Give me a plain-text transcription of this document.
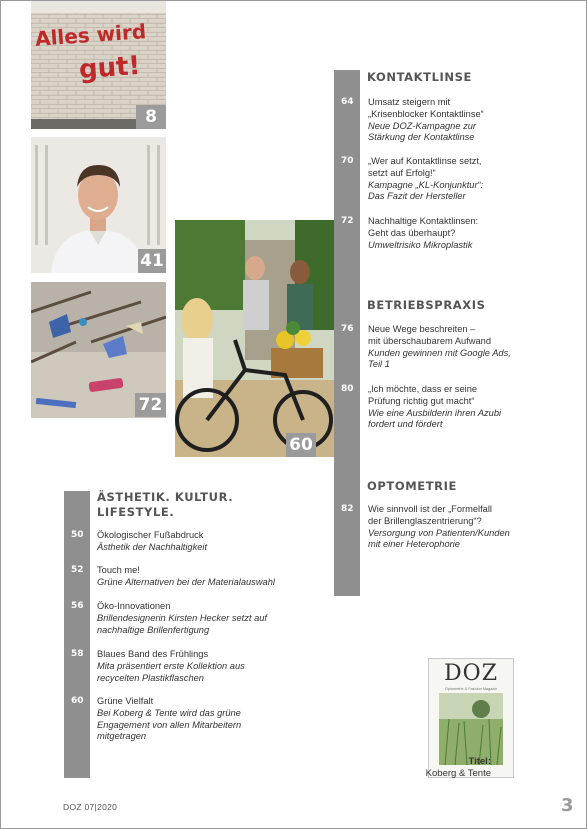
Alles wird
gut!
8
41
72
60
KONTAKTLINSE
64 Umsatz steigern mit
„Krisenblocker Kontaktlinse“
Neue DOZ-Kampagne zur
Stärkung der Kontaktlinse
70 „Wer auf Kontaktlinse setzt,
setzt auf Erfolg!“
Kampagne „KL-Konjunktur“:
Das Fazit der Hersteller
72 Nachhaltige Kontaktlinsen:
Geht das überhaupt?
Umweltrisiko Mikroplastik
BETRIEBSPRAXIS
76 Neue Wege beschreiten –
mit überschaubarem Aufwand
Kunden gewinnen mit Google Ads,
Teil 1
80 „Ich möchte, dass er seine
Prüfung richtig gut macht“
Wie eine Ausbilderin ihren Azubi
fordert und fördert
OPTOMETRIE
82 Wie sinnvoll ist der „Formelfall
der Brillenglaszentrierung“?
Versorgung von Patienten/Kunden
mit einer Heterophorie
ÄSTHETIK. KULTUR.
LIFESTYLE.
50 Ökologischer Fußabdruck
Ästhetik der Nachhaltigkeit
52 Touch me!
Grüne Alternativen bei der Materialauswahl
56 Öko-Innovationen
Brillendesignerin Kirsten Hecker setzt auf
nachhaltige Brillenfertigung
58 Blaues Band des Frühlings
Mita präsentiert erste Kollektion aus
recycelten Plastikflaschen
60 Grüne Vielfalt
Bei Koberg & Tente wird das grüne
Engagement von allen Mitarbeitern
mitgetragen
DOZ
Optometrie & Fashion Magazin
Titel:
Koberg & Tente
DOZ 07|2020	3
